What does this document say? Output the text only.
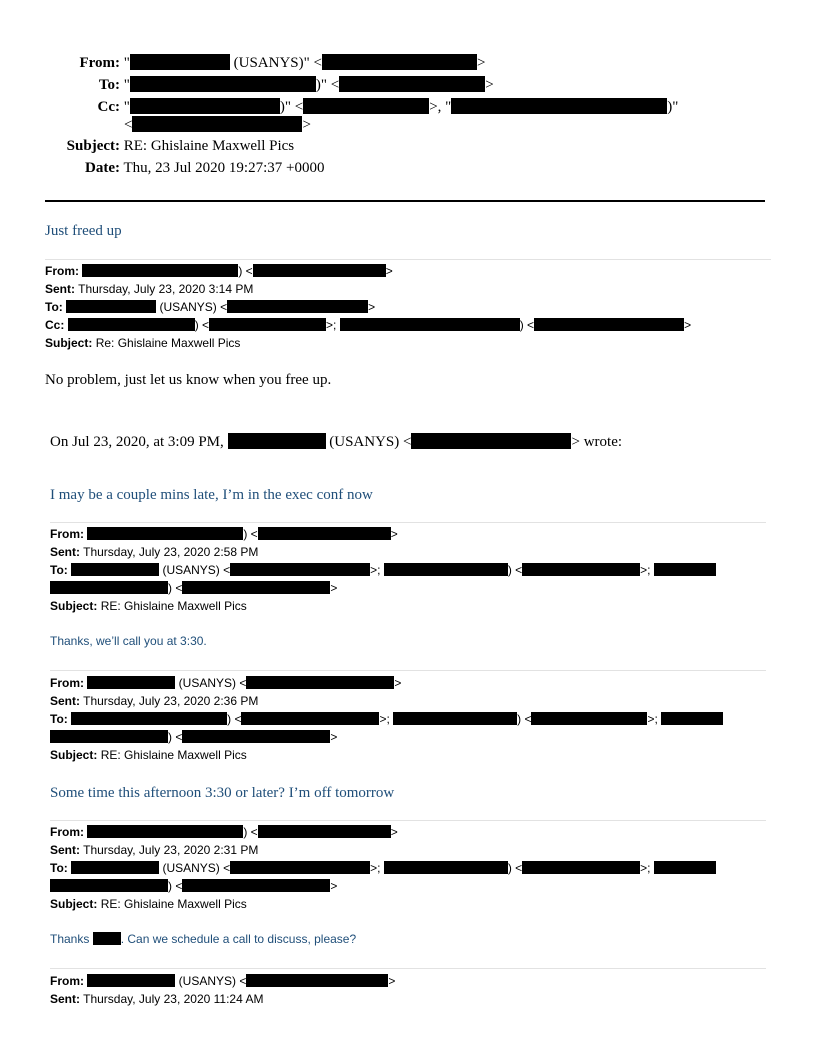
From: "	(USANYS)" <	>
To: "	)" <	>
Cc: "	)" <	>, "	)"
<	>
Subject: RE: Ghislaine Maxwell Pics
Date: Thu, 23 Jul 2020 19:27:37 +0000
Just freed up
From:	) <	>
Sent: Thursday, July 23, 2020 3:14 PM
To:	(USANYS) <	>
Cc:	) <	>;	) <	>
Subject: Re: Ghislaine Maxwell Pics
No problem, just let us know when you free up.
On Jul 23, 2020, at 3:09 PM,	(USANYS) <	> wrote:
I may be a couple mins late, I’m in the exec conf now
From:	) <	>
Sent: Thursday, July 23, 2020 2:58 PM
To:	(USANYS) <	>;	) <	>;
) <	>
Subject: RE: Ghislaine Maxwell Pics
Thanks, we’ll call you at 3:30.
From:	(USANYS) <	>
Sent: Thursday, July 23, 2020 2:36 PM
To:	) <	>;	) <	>;
) <	>
Subject: RE: Ghislaine Maxwell Pics
Some time this afternoon 3:30 or later? I’m off tomorrow
From:	) <	>
Sent: Thursday, July 23, 2020 2:31 PM
To:	(USANYS) <	>;	) <	>;
) <	>
Subject: RE: Ghislaine Maxwell Pics
Thanks . Can we schedule a call to discuss, please?
From:	(USANYS) <	>
Sent: Thursday, July 23, 2020 11:24 AM
